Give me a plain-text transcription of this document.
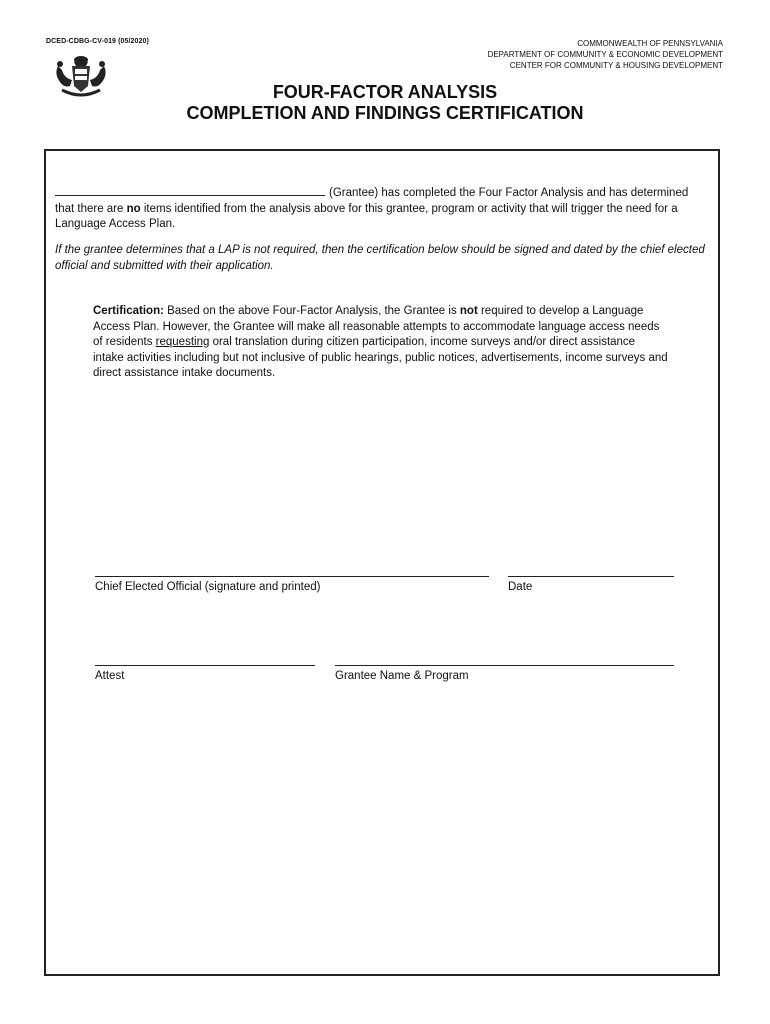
DCED-CDBG-CV-019 (05/2020)	COMMONWEALTH OF PENNSYLVANIA
DEPARTMENT OF COMMUNITY & ECONOMIC DEVELOPMENT
CENTER FOR COMMUNITY & HOUSING DEVELOPMENT
FOUR-FACTOR ANALYSIS
COMPLETION AND FINDINGS CERTIFICATION
(Grantee) has completed the Four Factor Analysis and has determined that there are no items identified from the analysis above for this grantee, program or activity that will trigger the need for a Language Access Plan.
If the grantee determines that a LAP is not required, then the certification below should be signed and dated by the chief elected official and submitted with their application.
Certification: Based on the above Four-Factor Analysis, the Grantee is not required to develop a Language Access Plan. However, the Grantee will make all reasonable attempts to accommodate language access needs of residents requesting oral translation during citizen participation, income surveys and/or direct assistance intake activities including but not inclusive of public hearings, public notices, advertisements, income surveys and direct assistance intake documents.
Chief Elected Official (signature and printed)	Date
Attest	Grantee Name & Program
